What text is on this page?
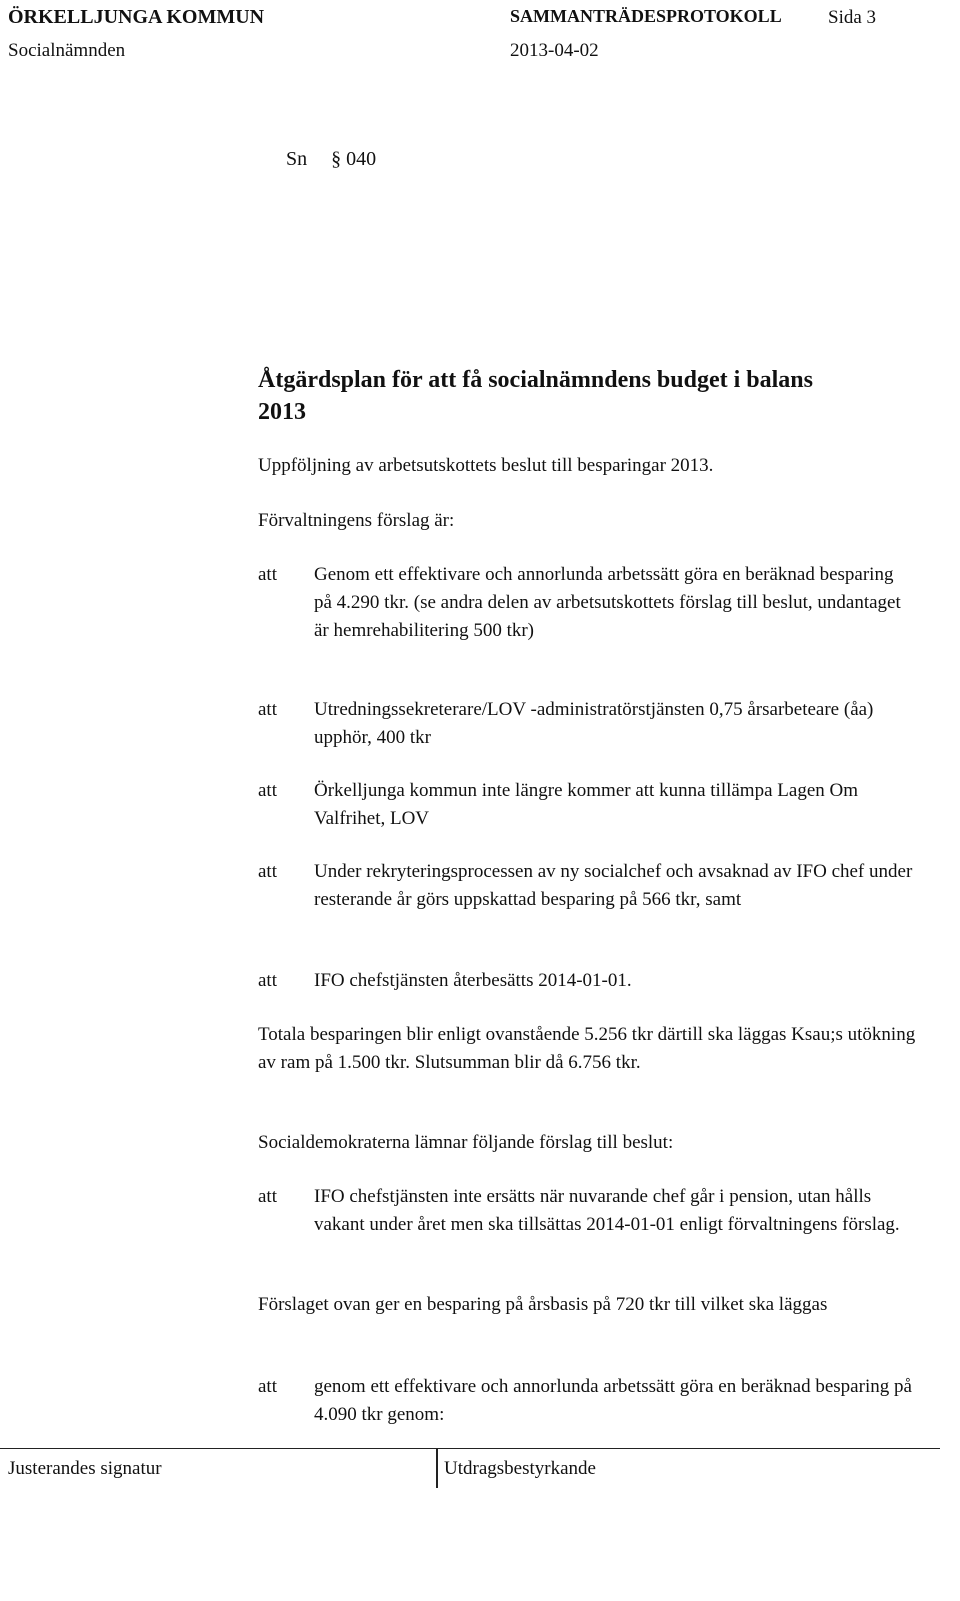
ÖRKELLJUNGA KOMMUN	SAMMANTRÄDESPROTOKOLL Sida 3
Socialnämnden	2013-04-02
Sn § 040
Åtgärdsplan för att få socialnämndens budget i balans
2013
Uppföljning av arbetsutskottets beslut till besparingar 2013.
Förvaltningens förslag är:
att Genom ett effektivare och annorlunda arbetssätt göra en beräknad besparing på 4.290 tkr. (se andra delen av arbetsutskottets förslag till beslut, undantaget är hemrehabilitering 500 tkr)
att Utredningssekreterare/LOV -administratörstjänsten 0,75 årsarbeteare (åa) upphör, 400 tkr
att Örkelljunga kommun inte längre kommer att kunna tillämpa Lagen Om Valfrihet, LOV
att Under rekryteringsprocessen av ny socialchef och avsaknad av IFO chef under resterande år görs uppskattad besparing på 566 tkr, samt
att IFO chefstjänsten återbesätts 2014-01-01.
Totala besparingen blir enligt ovanstående 5.256 tkr därtill ska läggas Ksau;s utökning av ram på 1.500 tkr. Slutsumman blir då 6.756 tkr.
Socialdemokraterna lämnar följande förslag till beslut:
att IFO chefstjänsten inte ersätts när nuvarande chef går i pension, utan hålls vakant under året men ska tillsättas 2014-01-01 enligt förvaltningens förslag.
Förslaget ovan ger en besparing på årsbasis på 720 tkr till vilket ska läggas
att genom ett effektivare och annorlunda arbetssätt göra en beräknad besparing på 4.090 tkr genom:
Justerandes signatur	Utdragsbestyrkande
